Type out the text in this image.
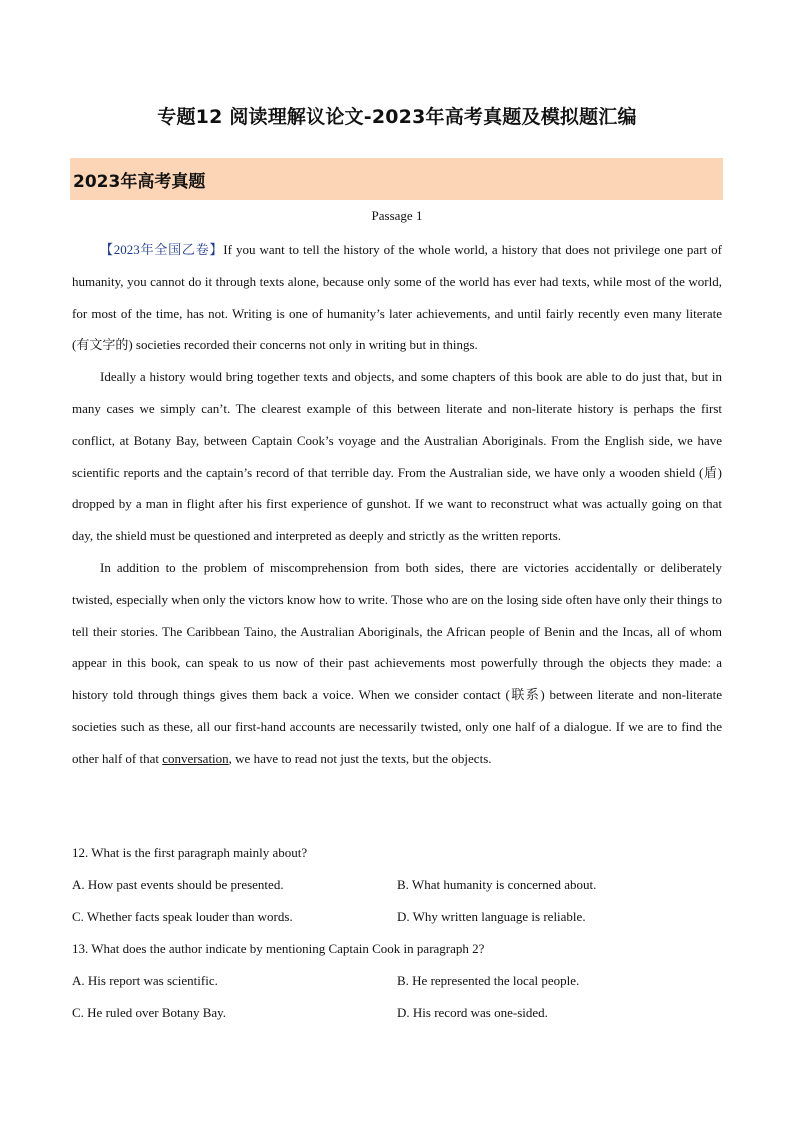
专题12 阅读理解议论文-2023年高考真题及模拟题汇编
2023年高考真题
Passage 1

【2023年全国乙卷】If you want to tell the history of the whole world, a history that does not privilege one part of humanity, you cannot do it through texts alone, because only some of the world has ever had texts, while most of the world, for most of the time, has not. Writing is one of humanity’s later achievements, and until fairly recently even many literate (有文字的) societies recorded their concerns not only in writing but in things.

Ideally a history would bring together texts and objects, and some chapters of this book are able to do just that, but in many cases we simply can’t. The clearest example of this between literate and non-literate history is perhaps the first conflict, at Botany Bay, between Captain Cook’s voyage and the Australian Aboriginals. From the English side, we have scientific reports and the captain’s record of that terrible day. From the Australian side, we have only a wooden shield (盾) dropped by a man in flight after his first experience of gunshot. If we want to reconstruct what was actually going on that day, the shield must be questioned and interpreted as deeply and strictly as the written reports.

In addition to the problem of miscomprehension from both sides, there are victories accidentally or deliberately twisted, especially when only the victors know how to write. Those who are on the losing side often have only their things to tell their stories. The Caribbean Taino, the Australian Aboriginals, the African people of Benin and the Incas, all of whom appear in this book, can speak to us now of their past achievements most powerfully through the objects they made: a history told through things gives them back a voice. When we consider contact (联系) between literate and non-literate societies such as these, all our first-hand accounts are necessarily twisted, only one half of a dialogue. If we are to find the other half of that conversation, we have to read not just the texts, but the objects.

12. What is the first paragraph mainly about?
A. How past events should be presented.	B. What humanity is concerned about.
C. Whether facts speak louder than words.	D. Why written language is reliable.
13. What does the author indicate by mentioning Captain Cook in paragraph 2?
A. His report was scientific.	B. He represented the local people.
C. He ruled over Botany Bay.	D. His record was one-sided.
